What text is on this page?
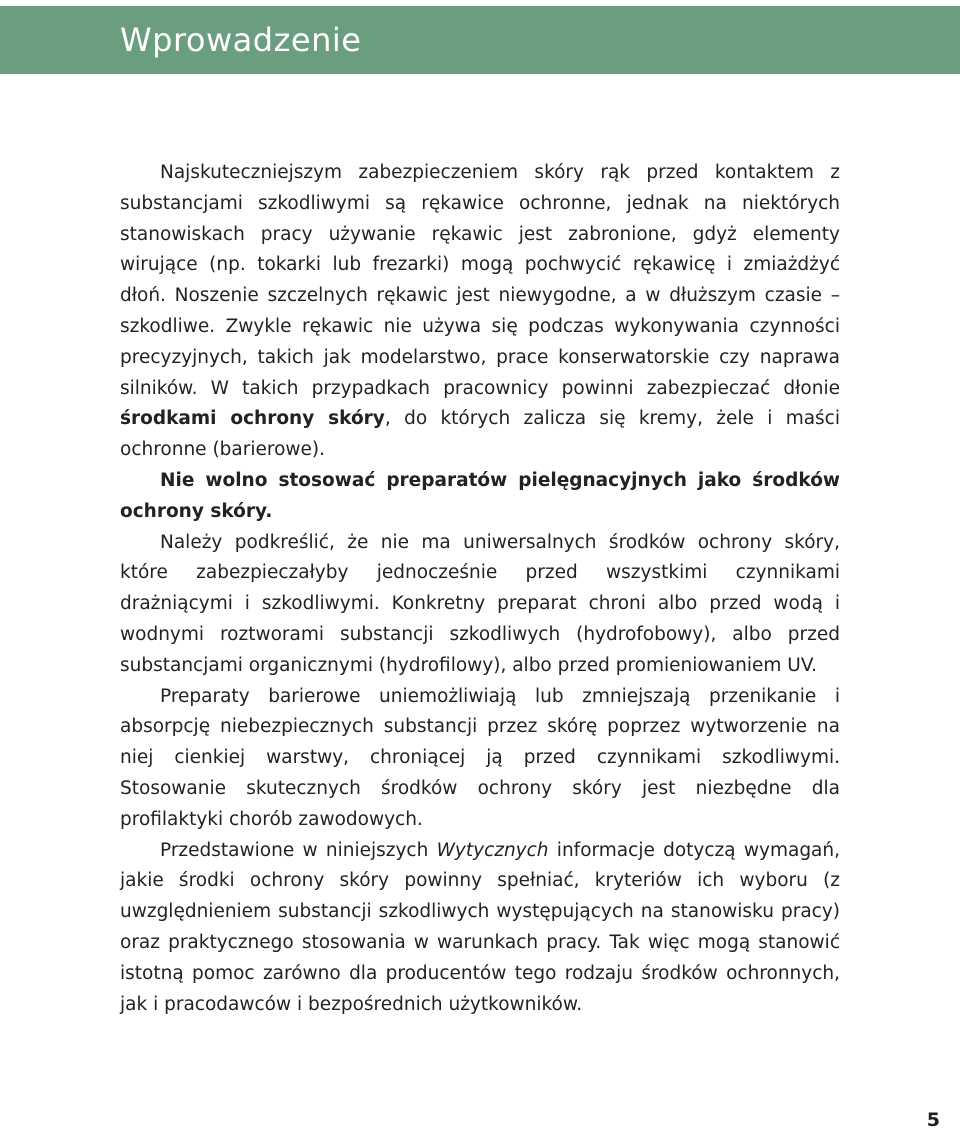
Wprowadzenie

Najskuteczniejszym zabezpieczeniem skóry rąk przed kontaktem z substancjami szkodliwymi są rękawice ochronne, jednak na niektórych stanowiskach pracy używanie rękawic jest zabronione, gdyż elementy wirujące (np. tokarki lub frezarki) mogą pochwycić rękawicę i zmiażdżyć dłoń. Noszenie szczelnych rękawic jest niewygodne, a w dłuższym czasie – szkodliwe. Zwykle rękawic nie używa się podczas wykonywania czynności precyzyjnych, takich jak modelarstwo, prace konserwatorskie czy naprawa silników. W takich przypadkach pracownicy powinni zabezpieczać dłonie środkami ochrony skóry, do których zalicza się kremy, żele i maści ochronne (barierowe).

Nie wolno stosować preparatów pielęgnacyjnych jako środków ochrony skóry.

Należy podkreślić, że nie ma uniwersalnych środków ochrony skóry, które zabezpieczałyby jednocześnie przed wszystkimi czynnikami drażniącymi i szkodliwymi. Konkretny preparat chroni albo przed wodą i wodnymi roztworami substancji szkodliwych (hydrofobowy), albo przed substancjami organicznymi (hydrofilowy), albo przed promieniowaniem UV.

Preparaty barierowe uniemożliwiają lub zmniejszają przenikanie i absorpcję niebezpiecznych substancji przez skórę poprzez wytworzenie na niej cienkiej warstwy, chroniącej ją przed czynnikami szkodliwymi. Stosowanie skutecznych środków ochrony skóry jest niezbędne dla profilaktyki chorób zawodowych.

Przedstawione w niniejszych Wytycznych informacje dotyczą wymagań, jakie środki ochrony skóry powinny spełniać, kryteriów ich wyboru (z uwzględnieniem substancji szkodliwych występujących na stanowisku pracy) oraz praktycznego stosowania w warunkach pracy. Tak więc mogą stanowić istotną pomoc zarówno dla producentów tego rodzaju środków ochronnych, jak i pracodawców i bezpośrednich użytkowników.

5
